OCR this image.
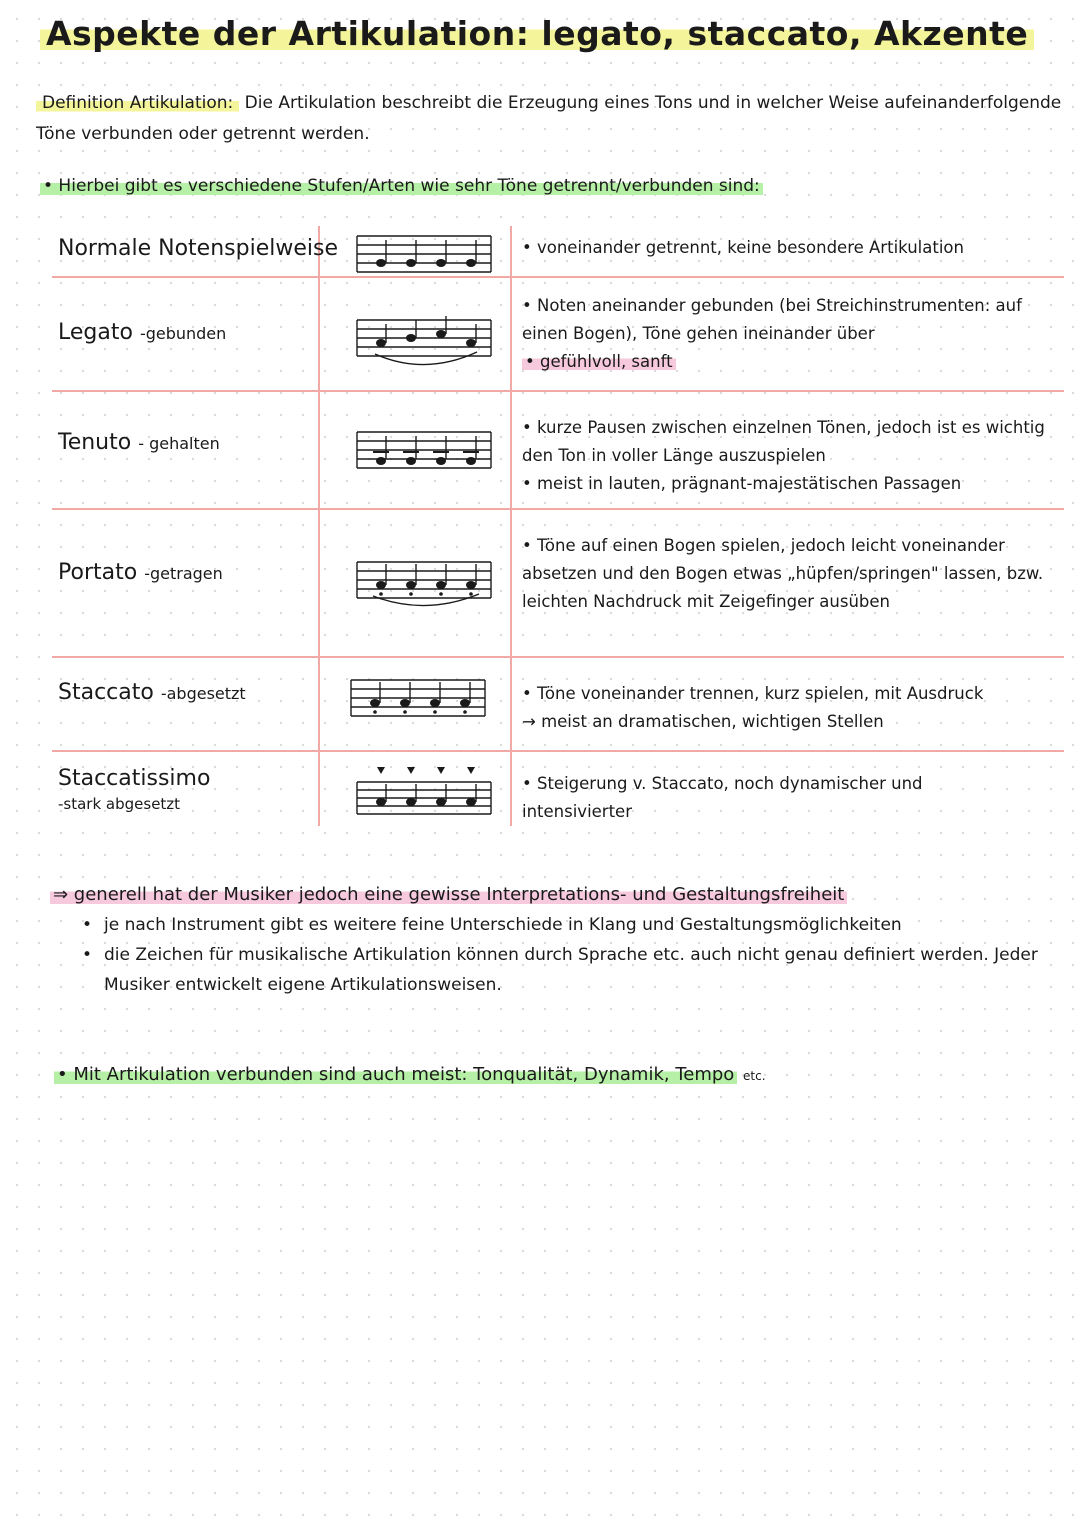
Aspekte der Artikulation: legato, staccato, Akzente
Definition Artikulation: Die Artikulation beschreibt die Erzeugung eines Tons und in welcher Weise aufeinanderfolgende Töne verbunden oder getrennt werden.
• Hierbei gibt es verschiedene Stufen/Arten wie sehr Töne getrennt/verbunden sind:
Normale Notenspielweise	• voneinander getrennt, keine besondere Artikulation

Legato -gebunden

• Noten aneinander gebunden (bei Streichinstrumenten: auf einen Bogen), Töne gehen ineinander über

• gefühlvoll, sanft

Tenuto - gehalten

• kurze Pausen zwischen einzelnen Tönen, jedoch ist es wichtig den Ton in voller Länge auszuspielen

• meist in lauten, prägnant-majestätischen Passagen

Portato -getragen

• Töne auf einen Bogen spielen, jedoch leicht voneinander absetzen und den Bogen etwas „hüpfen/springen" lassen, bzw. leichten Nachdruck mit Zeigefinger ausüben

Staccato -abgesetzt	• Töne voneinander trennen, kurz spielen, mit Ausdruck

→ meist an dramatischen, wichtigen Stellen

Staccatissimo
-stark abgesetzt

• Steigerung v. Staccato, noch dynamischer und intensivierter

⇒ generell hat der Musiker jedoch eine gewisse Interpretations- und Gestaltungsfreiheit
• je nach Instrument gibt es weitere feine Unterschiede in Klang und Gestaltungsmöglichkeiten
• die Zeichen für musikalische Artikulation können durch Sprache etc. auch nicht genau definiert werden. Jeder Musiker entwickelt eigene Artikulationsweisen.
• Mit Artikulation verbunden sind auch meist: Tonqualität, Dynamik, Tempo etc.
